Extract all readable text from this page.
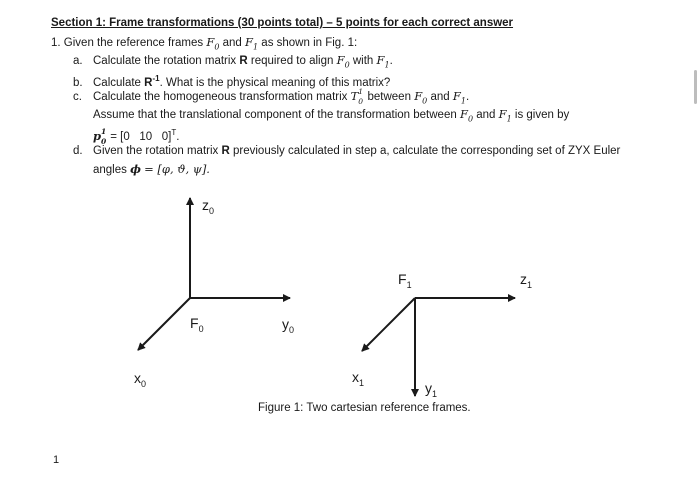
Section 1: Frame transformations (30 points total) – 5 points for each correct answer
1. Given the reference frames $F_0$ and $F_1$ as shown in Fig. 1:
a. Calculate the rotation matrix R required to align $F_0$ with $F_1$.
b. Calculate $R^{-1}$. What is the physical meaning of this matrix?
c. Calculate the homogeneous transformation matrix T 1
0 between $F_0$ and $F_1$.
Assume that the translational component of the transformation between $F_0$ and $F_1$ is given by
p 1
0 = [0   10   0]$^T$.
d. Given the rotation matrix R previously calculated in step a, calculate the corresponding set of ZYX Euler
angles ϕ = [φ, ϑ, ψ].
$z_0$
$y_0$
$x_0$
$F_0$
$z_1$
$y_1$
$x_1$
$F_1$
Figure 1: Two cartesian reference frames.
1
